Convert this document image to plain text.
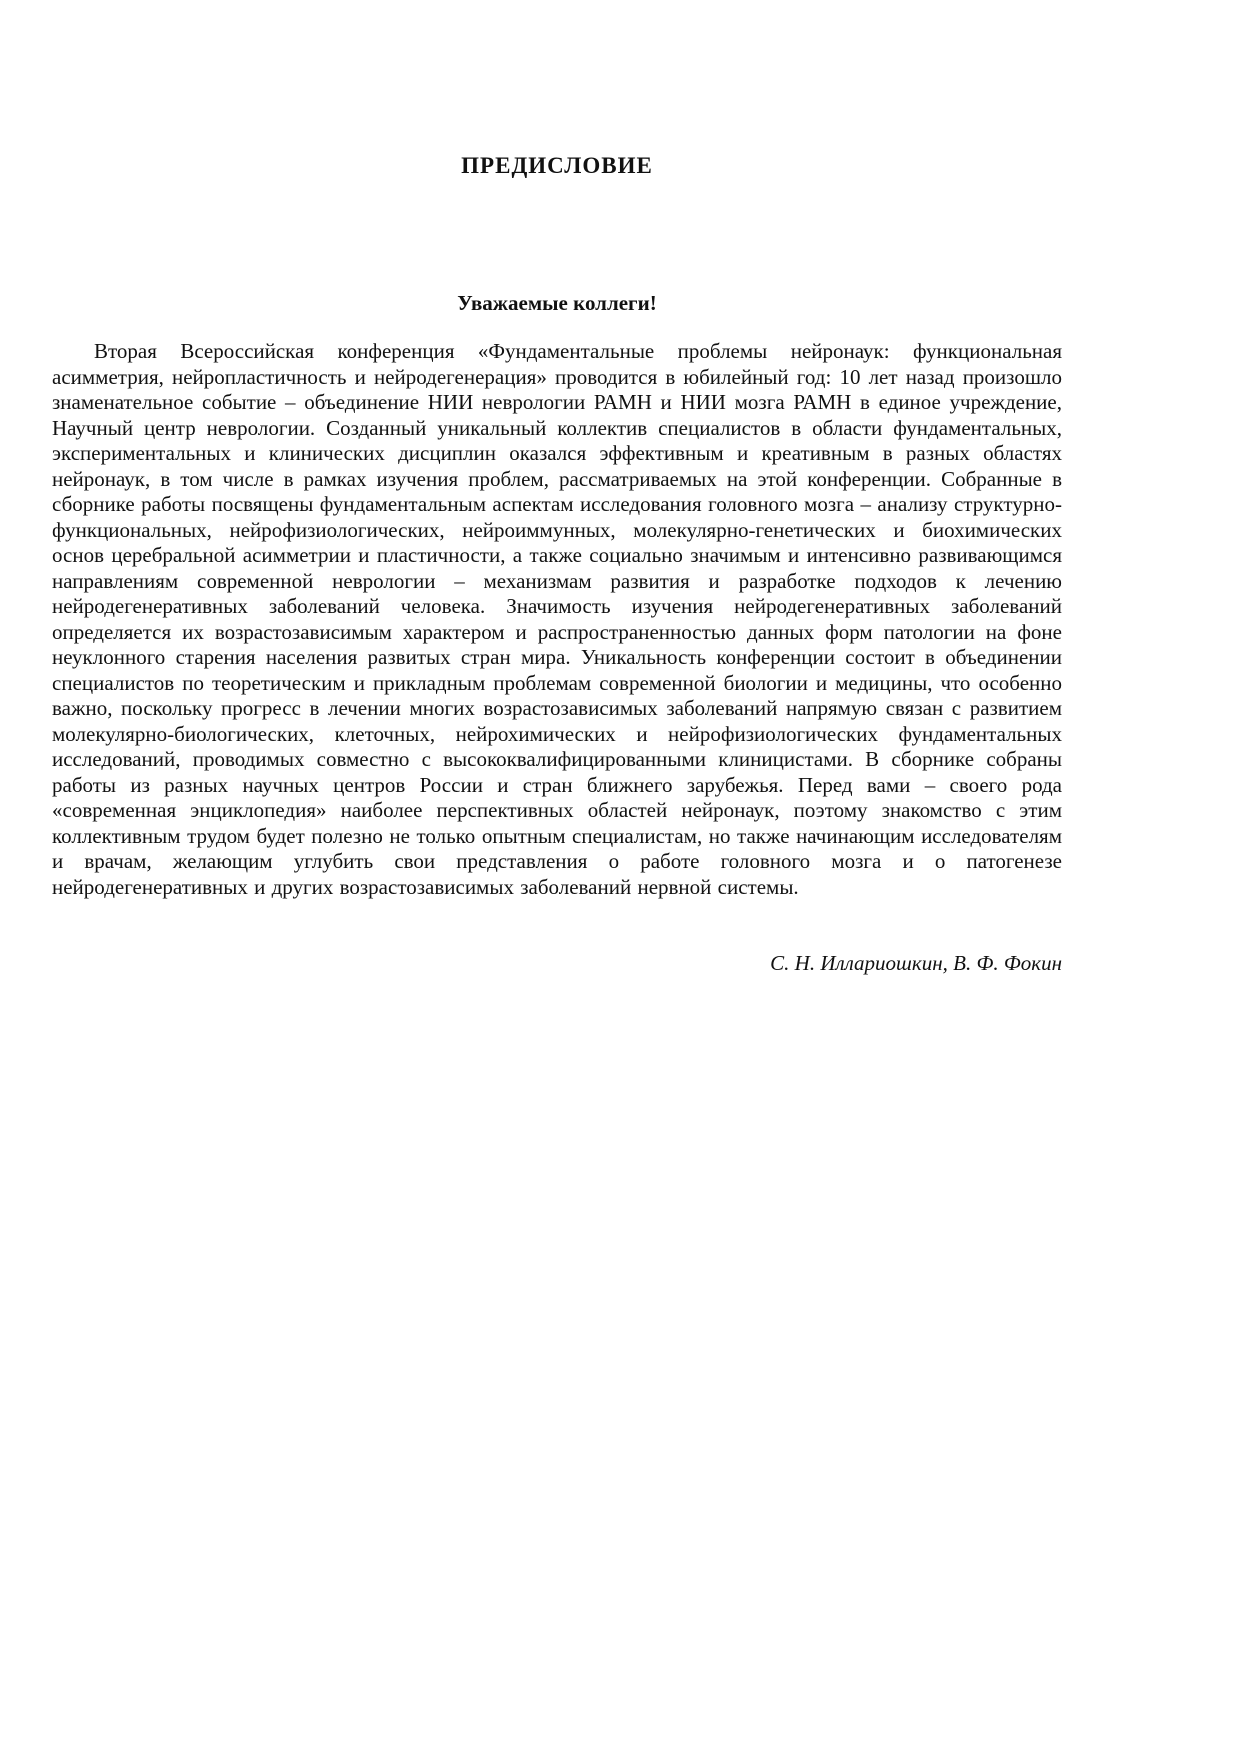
ПРЕДИСЛОВИЕ
Уважаемые коллеги!

Вторая Всероссийская конференция «Фундаментальные проблемы нейронаук: функциональная асимметрия, нейропластичность и нейродегенерация» проводится в юбилейный год: 10 лет назад произошло знаменательное событие – объединение НИИ неврологии РАМН и НИИ мозга РАМН в единое учреждение, Научный центр неврологии. Созданный уникальный коллектив специалистов в области фундаментальных, экспериментальных и клинических дисциплин оказался эффективным и креативным в разных областях нейронаук, в том числе в рамках изучения проблем, рассматриваемых на этой конференции. Собранные в сборнике работы посвящены фундаментальным аспектам исследования головного мозга – анализу структурно-функциональных, нейрофизиологических, нейроиммунных, молекулярно-генетических и биохимических основ церебральной асимметрии и пластичности, а также социально значимым и интенсивно развивающимся направлениям современной неврологии – механизмам развития и разработке подходов к лечению нейродегенеративных заболеваний человека. Значимость изучения нейродегенеративных заболеваний определяется их возрастозависимым характером и распространенностью данных форм патологии на фоне неуклонного старения населения развитых стран мира. Уникальность конференции состоит в объединении специалистов по теоретическим и прикладным проблемам современной биологии и медицины, что особенно важно, поскольку прогресс в лечении многих возрастозависимых заболеваний напрямую связан с развитием молекулярно-биологических, клеточных, нейрохимических и нейрофизиологических фундаментальных исследований, проводимых совместно с высококвалифицированными клиницистами. В сборнике собраны работы из разных научных центров России и стран ближнего зарубежья. Перед вами – своего рода «современная энциклопедия» наиболее перспективных областей нейронаук, поэтому знакомство с этим коллективным трудом будет полезно не только опытным специалистам, но также начинающим исследователям и врачам, желающим углубить свои представления о работе головного мозга и о патогенезе нейродегенеративных и других возрастозависимых заболеваний нервной системы.

С. Н. Иллариошкин, В. Ф. Фокин
